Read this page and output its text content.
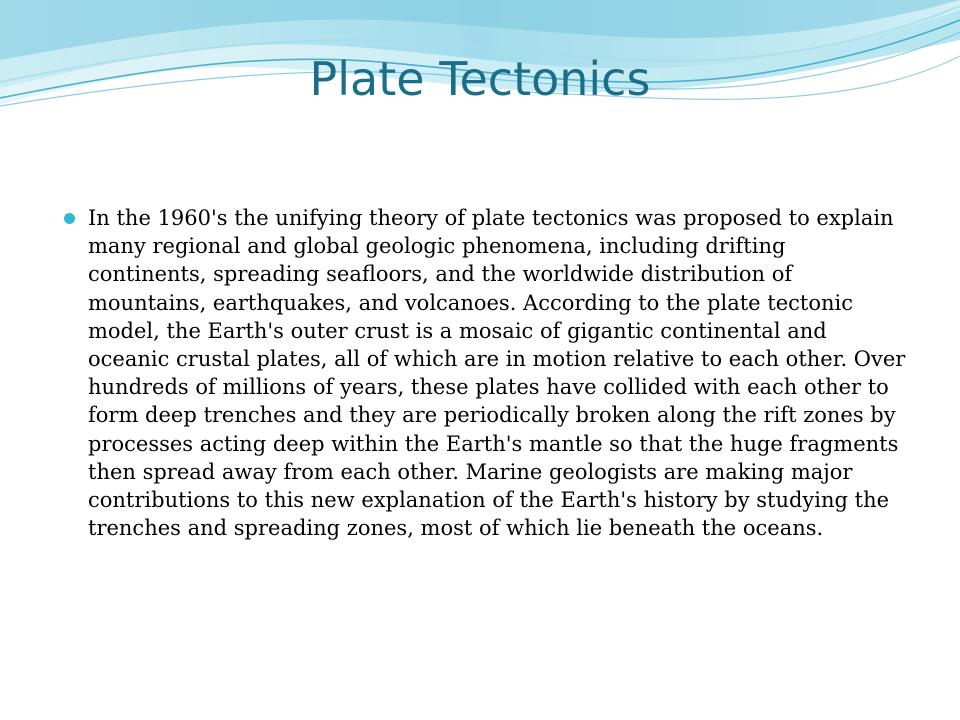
Plate Tectonics

In the 1960's the unifying theory of plate tectonics was proposed to explain many regional and global geologic phenomena, including drifting continents, spreading seafloors, and the worldwide distribution of mountains, earthquakes, and volcanoes. According to the plate tectonic model, the Earth's outer crust is a mosaic of gigantic continental and oceanic crustal plates, all of which are in motion relative to each other. Over hundreds of millions of years, these plates have collided with each other to form deep trenches and they are periodically broken along the rift zones by processes acting deep within the Earth's mantle so that the huge fragments then spread away from each other. Marine geologists are making major contributions to this new explanation of the Earth's history by studying the trenches and spreading zones, most of which lie beneath the oceans.
